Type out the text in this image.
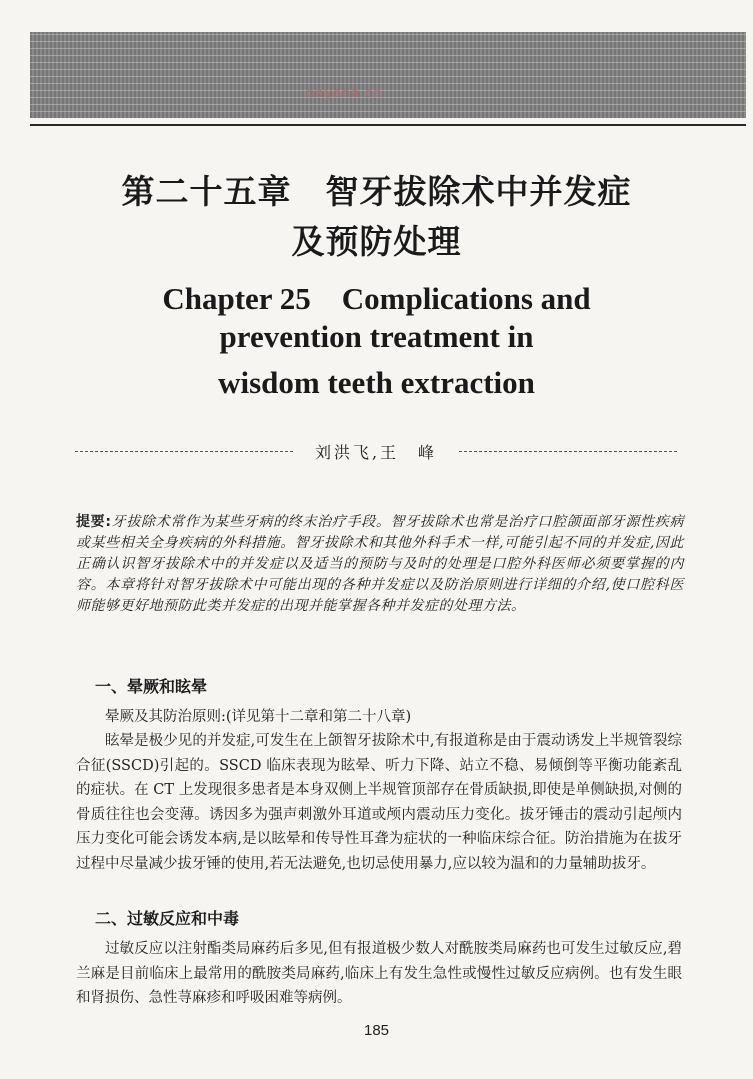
nayona.cn
第二十五章　智牙拔除术中并发症
及预防处理
Chapter 25　Complications and
prevention treatment in
wisdom teeth extraction
刘洪飞,王　峰
提要:牙拔除术常作为某些牙病的终末治疗手段。智牙拔除术也常是治疗口腔颌面部牙源性疾病或某些相关全身疾病的外科措施。智牙拔除术和其他外科手术一样,可能引起不同的并发症,因此正确认识智牙拔除术中的并发症以及适当的预防与及时的处理是口腔外科医师必须要掌握的内容。本章将针对智牙拔除术中可能出现的各种并发症以及防治原则进行详细的介绍,使口腔科医师能够更好地预防此类并发症的出现并能掌握各种并发症的处理方法。
一、晕厥和眩晕
晕厥及其防治原则:(详见第十二章和第二十八章)
眩晕是极少见的并发症,可发生在上颌智牙拔除术中,有报道称是由于震动诱发上半规管裂综合征(SSCD)引起的。SSCD 临床表现为眩晕、听力下降、站立不稳、易倾倒等平衡功能紊乱的症状。在 CT 上发现很多患者是本身双侧上半规管顶部存在骨质缺损,即使是单侧缺损,对侧的骨质往往也会变薄。诱因多为强声刺激外耳道或颅内震动压力变化。拔牙锤击的震动引起颅内压力变化可能会诱发本病,是以眩晕和传导性耳聋为症状的一种临床综合征。防治措施为在拔牙过程中尽量减少拔牙锤的使用,若无法避免,也切忌使用暴力,应以较为温和的力量辅助拔牙。
二、过敏反应和中毒
过敏反应以注射酯类局麻药后多见,但有报道极少数人对酰胺类局麻药也可发生过敏反应,碧兰麻是目前临床上最常用的酰胺类局麻药,临床上有发生急性或慢性过敏反应病例。也有发生眼和肾损伤、急性荨麻疹和呼吸困难等病例。
185
